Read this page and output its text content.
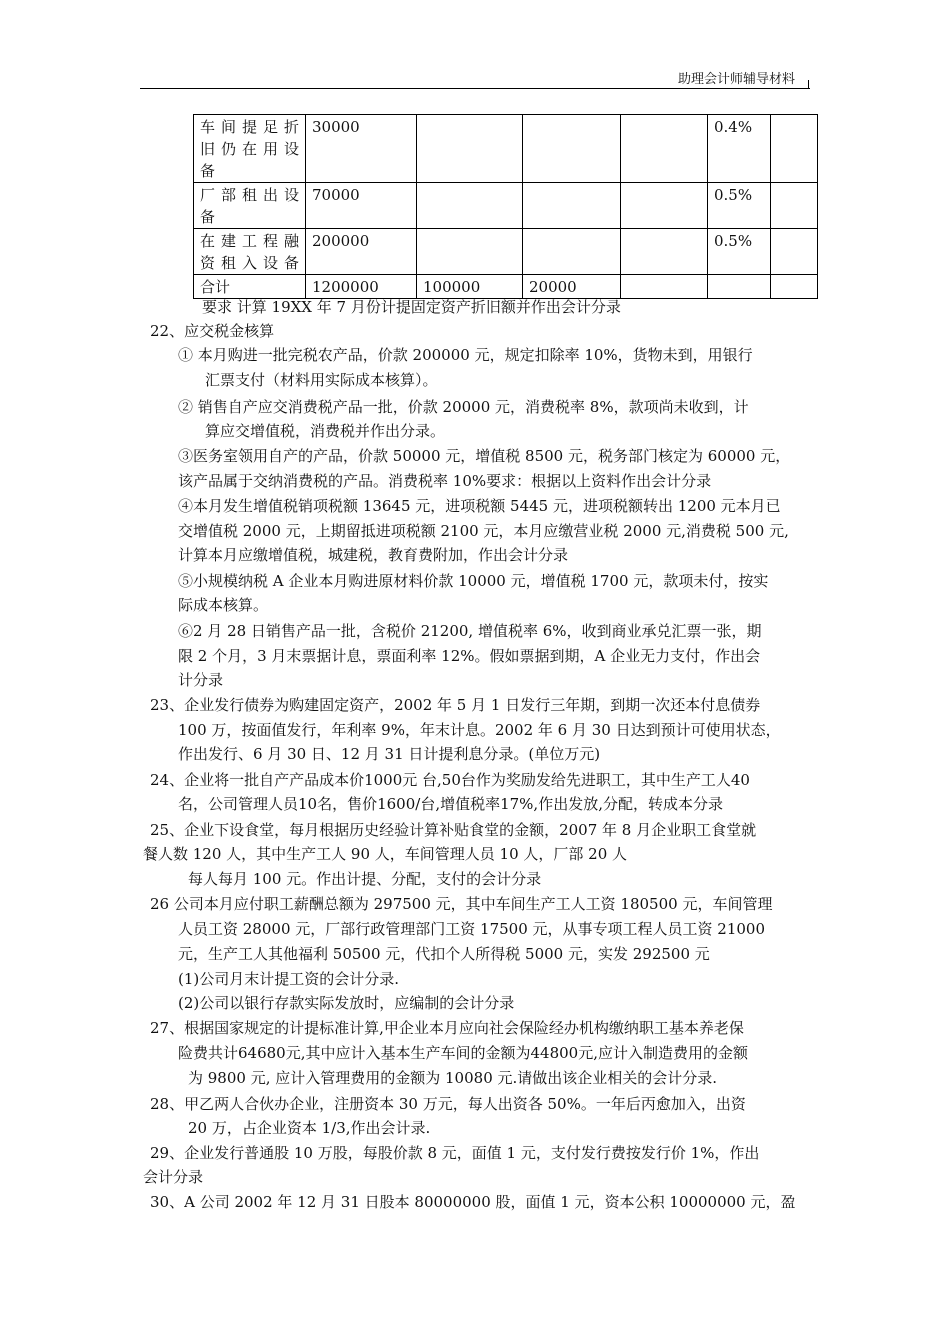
助理会计师辅导材料
车间提足折
旧仍在用设
备	30000				0.4%	
厂部租出设
备	70000				0.5%	
在建工程融
资租入设备	200000				0.5%	
合计	1200000	100000	20000			
要求 计算 19XX 年 7 月份计提固定资产折旧额并作出会计分录
22、应交税金核算
① 本月购进一批完税农产品，价款 200000 元，规定扣除率 10%，货物未到，用银行
汇票支付（材料用实际成本核算）。
② 销售自产应交消费税产品一批，价款 20000 元，消费税率 8%，款项尚未收到，计
算应交增值税，消费税并作出分录。
③医务室领用自产的产品，价款 50000 元，增值税 8500 元，税务部门核定为 60000 元，
该产品属于交纳消费税的产品。消费税率 10%要求：根据以上资料作出会计分录
④本月发生增值税销项税额 13645 元，进项税额 5445 元，进项税额转出 1200 元本月已
交增值税 2000 元，上期留抵进项税额 2100 元，本月应缴营业税 2000 元,消费税 500 元,
计算本月应缴增值税，城建税，教育费附加，作出会计分录
⑤小规模纳税 A 企业本月购进原材料价款 10000 元，增值税 1700 元，款项未付，按实
际成本核算。
⑥2 月 28 日销售产品一批，含税价 21200, 增值税率 6%，收到商业承兑汇票一张，期
限 2 个月，3 月末票据计息，票面利率 12%。假如票据到期，A 企业无力支付，作出会
计分录
23、企业发行债券为购建固定资产，2002 年 5 月 1 日发行三年期，到期一次还本付息债券
100 万，按面值发行，年利率 9%，年末计息。2002 年 6 月 30 日达到预计可使用状态，
作出发行、6 月 30 日、12 月 31 日计提利息分录。(单位万元)
24、企业将一批自产产品成本价1000元 台,50台作为奖励发给先进职工，其中生产工人40
名，公司管理人员10名，售价1600/台,增值税率17%,作出发放,分配，转成本分录
25、企业下设食堂，每月根据历史经验计算补贴食堂的金额，2007 年 8 月企业职工食堂就
餐人数 120 人，其中生产工人 90 人，车间管理人员 10 人，厂部 20 人
每人每月 100 元。作出计提、分配，支付的会计分录
26 公司本月应付职工薪酬总额为 297500 元，其中车间生产工人工资 180500 元，车间管理
人员工资 28000 元，厂部行政管理部门工资 17500 元，从事专项工程人员工资 21000
元，生产工人其他福利 50500 元，代扣个人所得税 5000 元，实发 292500 元
(1)公司月末计提工资的会计分录.
(2)公司以银行存款实际发放时，应编制的会计分录
27、根据国家规定的计提标准计算,甲企业本月应向社会保险经办机构缴纳职工基本养老保
险费共计64680元,其中应计入基本生产车间的金额为44800元,应计入制造费用的金额
为 9800 元, 应计入管理费用的金额为 10080 元.请做出该企业相关的会计分录.
28、甲乙两人合伙办企业，注册资本 30 万元，每人出资各 50%。一年后丙愈加入，出资
20 万，占企业资本 1/3,作出会计录.
29、企业发行普通股 10 万股，每股价款 8 元，面值 1 元，支付发行费按发行价 1%，作出
会计分录
30、A 公司 2002 年 12 月 31 日股本 80000000 股，面值 1 元，资本公积 10000000 元，盈
